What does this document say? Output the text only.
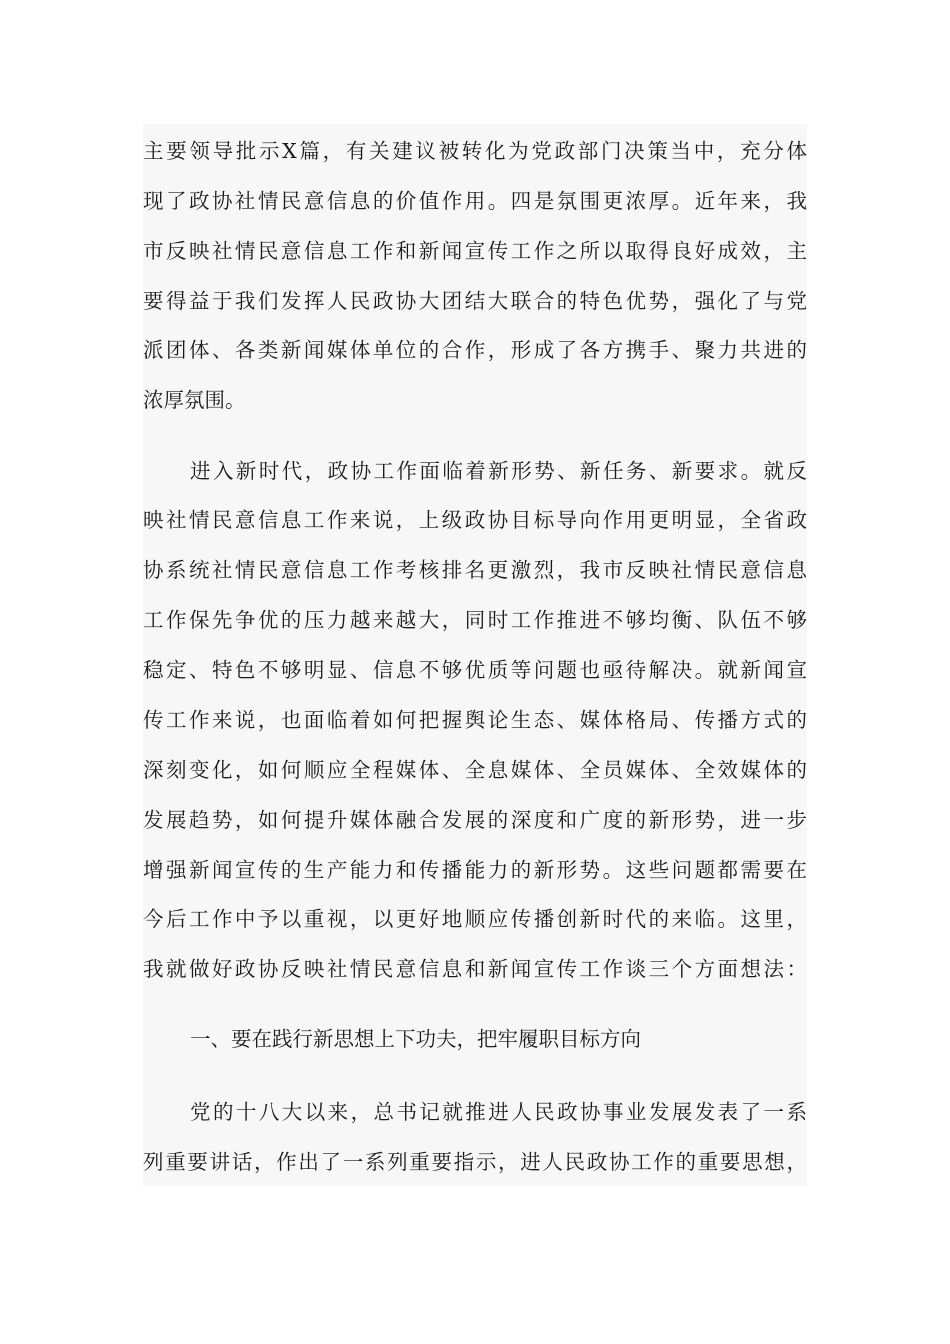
主要领导批示X篇，有关建议被转化为党政部门决策当中，充分体
现了政协社情民意信息的价值作用。四是氛围更浓厚。近年来，我
市反映社情民意信息工作和新闻宣传工作之所以取得良好成效，主
要得益于我们发挥人民政协大团结大联合的特色优势，强化了与党
派团体、各类新闻媒体单位的合作，形成了各方携手、聚力共进的
浓厚氛围。
进入新时代，政协工作面临着新形势、新任务、新要求。就反
映社情民意信息工作来说，上级政协目标导向作用更明显，全省政
协系统社情民意信息工作考核排名更激烈，我市反映社情民意信息
工作保先争优的压力越来越大，同时工作推进不够均衡、队伍不够
稳定、特色不够明显、信息不够优质等问题也亟待解决。就新闻宣
传工作来说，也面临着如何把握舆论生态、媒体格局、传播方式的
深刻变化，如何顺应全程媒体、全息媒体、全员媒体、全效媒体的
发展趋势，如何提升媒体融合发展的深度和广度的新形势，进一步
增强新闻宣传的生产能力和传播能力的新形势。这些问题都需要在
今后工作中予以重视，以更好地顺应传播创新时代的来临。这里，
我就做好政协反映社情民意信息和新闻宣传工作谈三个方面想法：
一、要在践行新思想上下功夫，把牢履职目标方向
党的十八大以来，总书记就推进人民政协事业发展发表了一系
列重要讲话，作出了一系列重要指示，进人民政协工作的重要思想，
